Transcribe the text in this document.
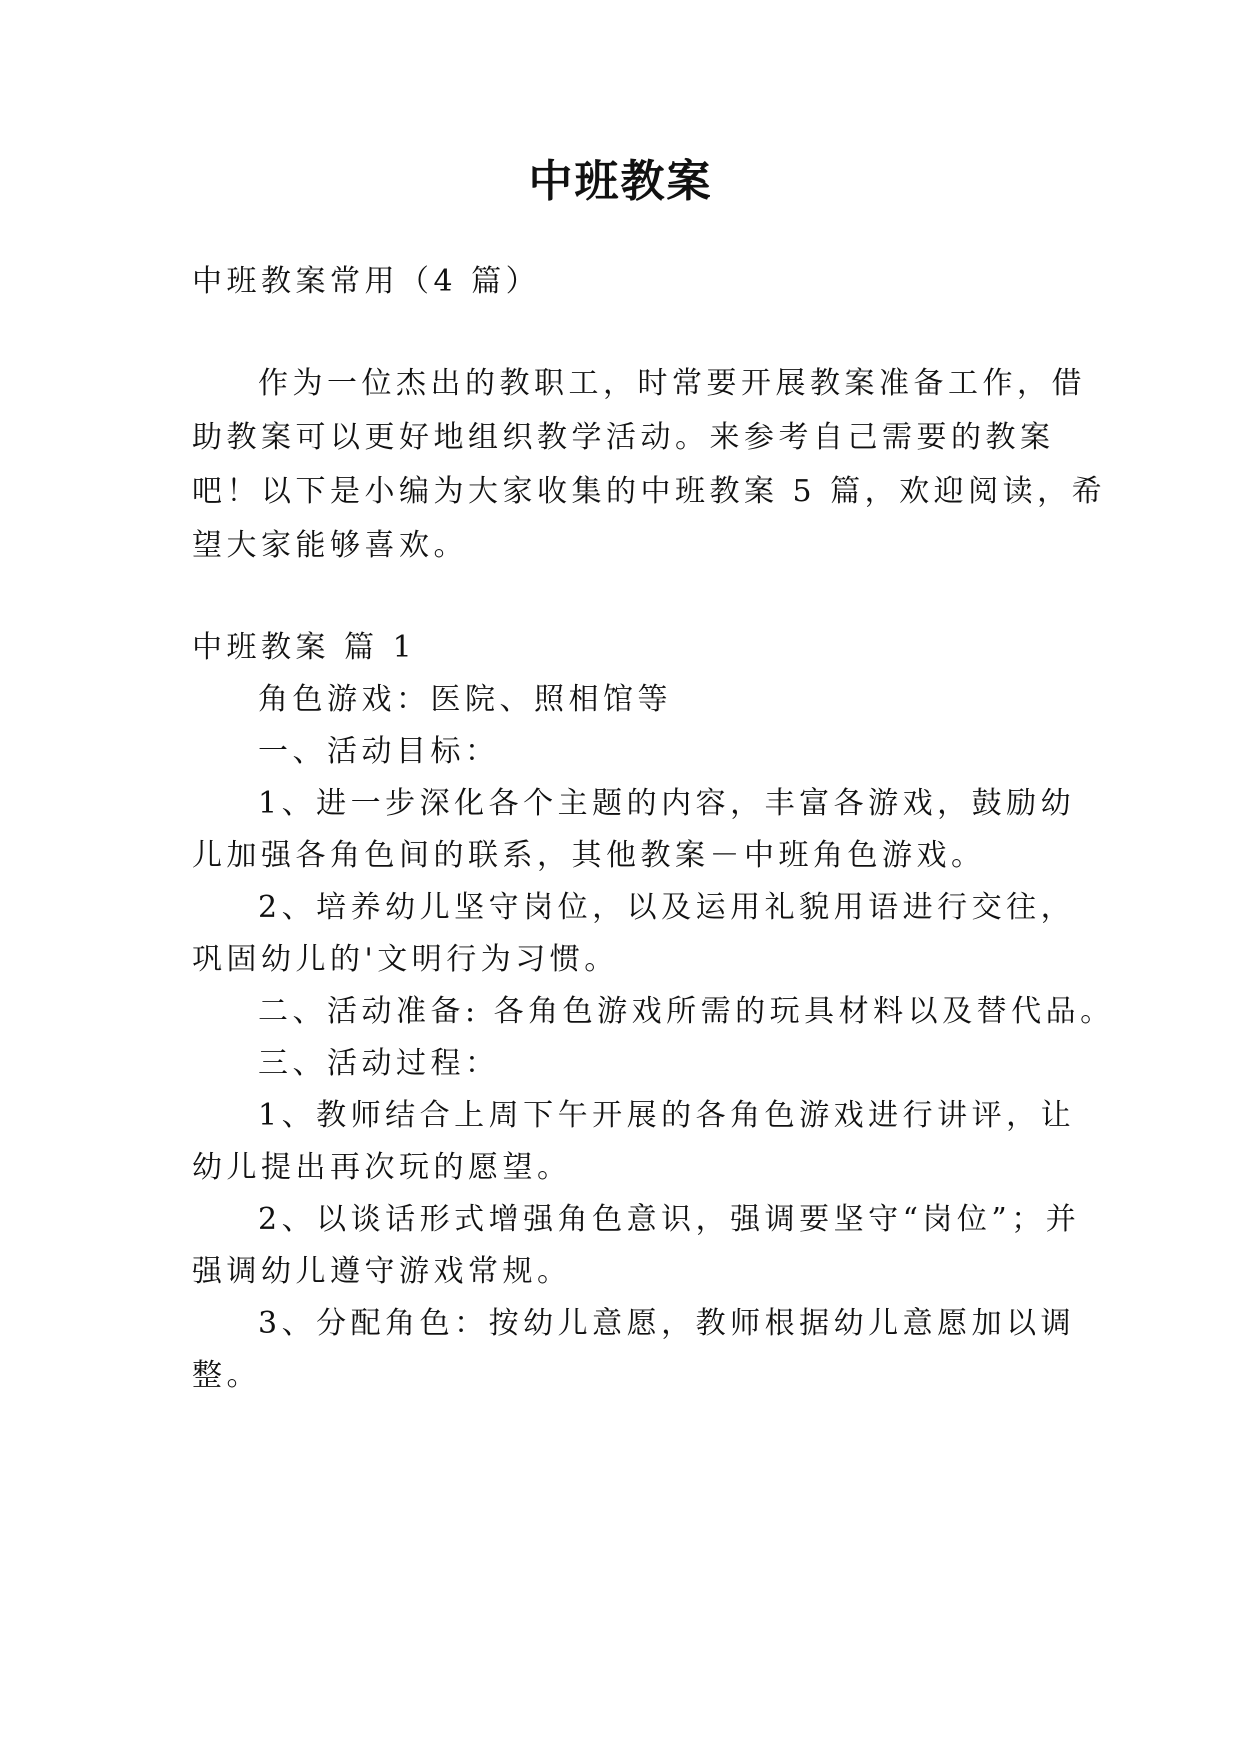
中班教案

中班教案常用（4 篇）

作为一位杰出的教职工，时常要开展教案准备工作，借

助教案可以更好地组织教学活动。来参考自己需要的教案

吧！以下是小编为大家收集的中班教案 5 篇，欢迎阅读，希

望大家能够喜欢。

中班教案 篇 1

角色游戏：医院、照相馆等

一、活动目标：

1、进一步深化各个主题的内容，丰富各游戏，鼓励幼

儿加强各角色间的联系，其他教案－中班角色游戏。

2、培养幼儿坚守岗位，以及运用礼貌用语进行交往，

巩固幼儿的'文明行为习惯。

二、活动准备: 各角色游戏所需的玩具材料以及替代品。

三、活动过程：

1、教师结合上周下午开展的各角色游戏进行讲评，让

幼儿提出再次玩的愿望。

2、以谈话形式增强角色意识，强调要坚守“岗位”；并

强调幼儿遵守游戏常规。

3、分配角色：按幼儿意愿，教师根据幼儿意愿加以调

整。
